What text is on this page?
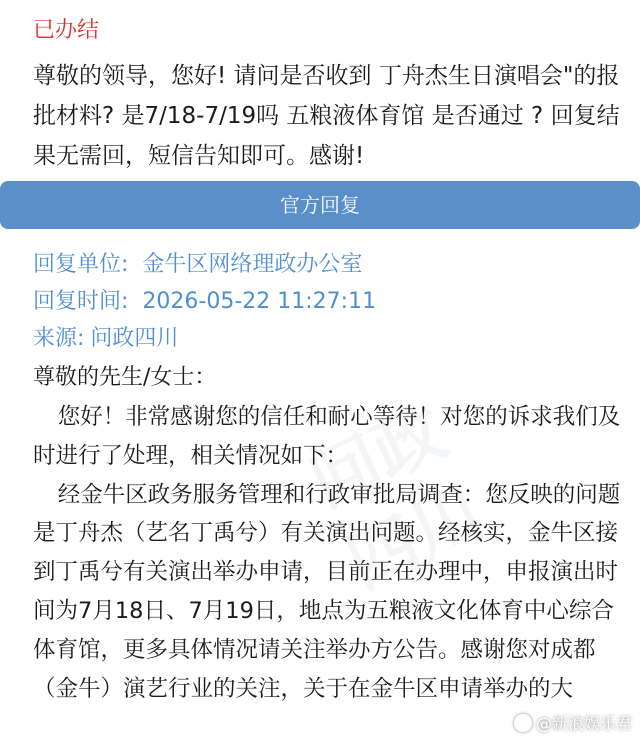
问政
四川
已办结
尊敬的领导，您好! 请问是否收到 丁舟杰生日演唱会"的报批材料? 是7/18-7/19吗 五粮液体育馆 是否通过 ? 回复结果无需回，短信告知即可。感谢!
官方回复
回复单位: 金牛区网络理政办公室
回复时间: 2026-05-22 11:27:11
来源: 问政四川
尊敬的先生/女士：

您好！非常感谢您的信任和耐心等待！对您的诉求我们及时进行了处理，相关情况如下：

经金牛区政务服务管理和行政审批局调查：您反映的问题是丁舟杰（艺名丁禹兮）有关演出问题。经核实，金牛区接到丁禹兮有关演出举办申请，目前正在办理中，申报演出时间为7月18日、7月19日，地点为五粮液文化体育中心综合体育馆，更多具体情况请关注举办方公告。感谢您对成都（金牛）演艺行业的关注，关于在金牛区申请举办的大

@新浪娱乐君
